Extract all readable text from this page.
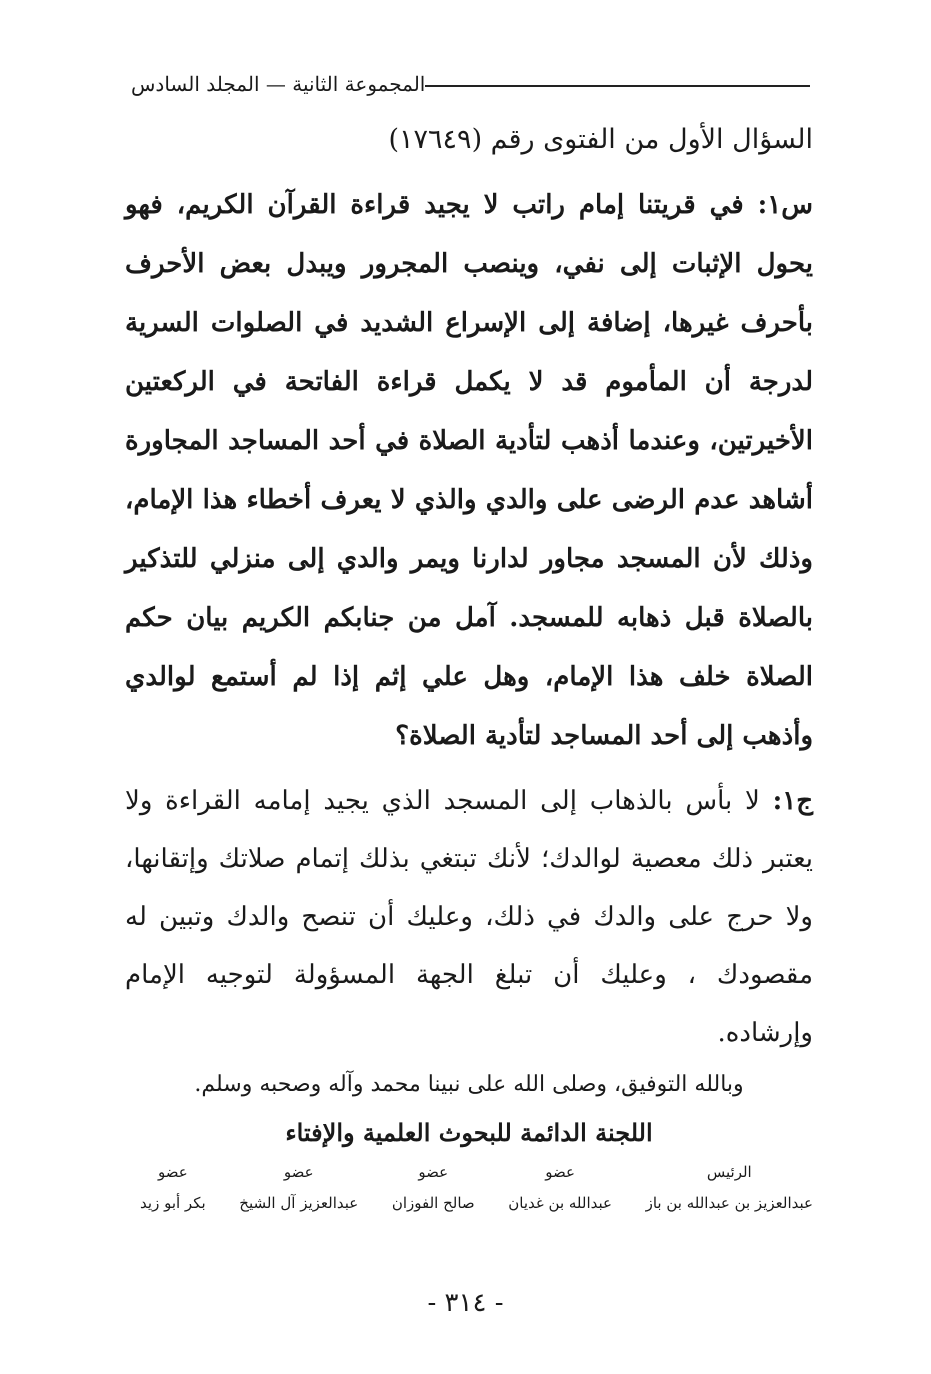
المجموعة الثانية — المجلد السادس
السؤال الأول من الفتوى رقم (١٧٦٤٩)
س١: في قريتنا إمام راتب لا يجيد قراءة القرآن الكريم، فهو يحول الإثبات إلى نفي، وينصب المجرور ويبدل بعض الأحرف بأحرف غيرها، إضافة إلى الإسراع الشديد في الصلوات السرية لدرجة أن المأموم قد لا يكمل قراءة الفاتحة في الركعتين الأخيرتين، وعندما أذهب لتأدية الصلاة في أحد المساجد المجاورة أشاهد عدم الرضى على والدي والذي لا يعرف أخطاء هذا الإمام، وذلك لأن المسجد مجاور لدارنا ويمر والدي إلى منزلي للتذكير بالصلاة قبل ذهابه للمسجد. آمل من جنابكم الكريم بيان حكم الصلاة خلف هذا الإمام، وهل علي إثم إذا لم أستمع لوالدي وأذهب إلى أحد المساجد لتأدية الصلاة؟
ج١: لا بأس بالذهاب إلى المسجد الذي يجيد إمامه القراءة ولا يعتبر ذلك معصية لوالدك؛ لأنك تبتغي بذلك إتمام صلاتك وإتقانها، ولا حرج على والدك في ذلك، وعليك أن تنصح والدك وتبين له مقصودك ، وعليك أن تبلغ الجهة المسؤولة لتوجيه الإمام وإرشاده.
وبالله التوفيق، وصلى الله على نبينا محمد وآله وصحبه وسلم.
اللجنة الدائمة للبحوث العلمية والإفتاء
الرئيس
عبدالعزيز بن عبدالله بن باز
عضو
عبدالله بن غديان
عضو
صالح الفوزان
عضو
عبدالعزيز آل الشيخ
عضو
بكر أبو زيد
- ٣١٤ -
